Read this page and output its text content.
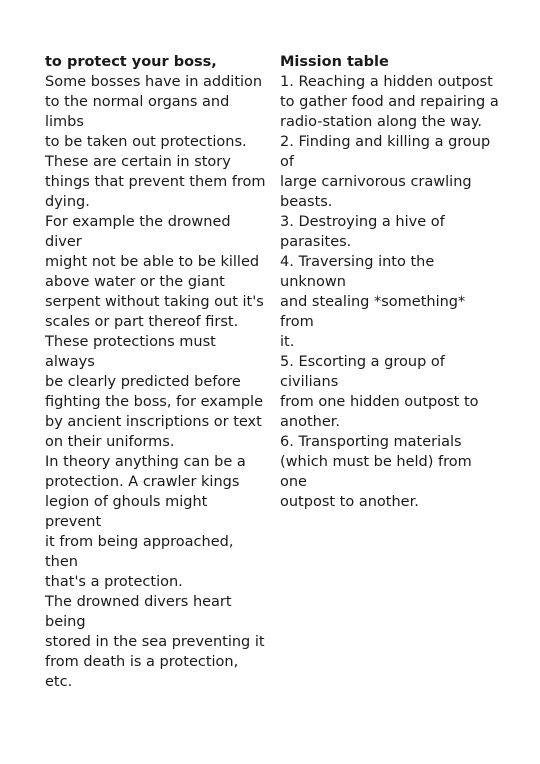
to protect your boss,

Some bosses have in addition
to the normal organs and limbs
to be taken out protections.

These are certain in story
things that prevent them from
dying.

For example the drowned diver
might not be able to be killed
above water or the giant
serpent without taking out it's
scales or part thereof first.

These protections must always
be clearly predicted before
fighting the boss, for example
by ancient inscriptions or text
on their uniforms.

In theory anything can be a
protection. A crawler kings
legion of ghouls might prevent
it from being approached, then
that's a protection.

The drowned divers heart being
stored in the sea preventing it
from death is a protection, etc.

Mission table

1. Reaching a hidden outpost
to gather food and repairing a
radio-station along the way.

2. Finding and killing a group of
large carnivorous crawling
beasts.

3. Destroying a hive of
parasites.

4. Traversing into the unknown
and stealing *something* from
it.

5. Escorting a group of civilians
from one hidden outpost to
another.

6. Transporting materials
(which must be held) from one
outpost to another.
